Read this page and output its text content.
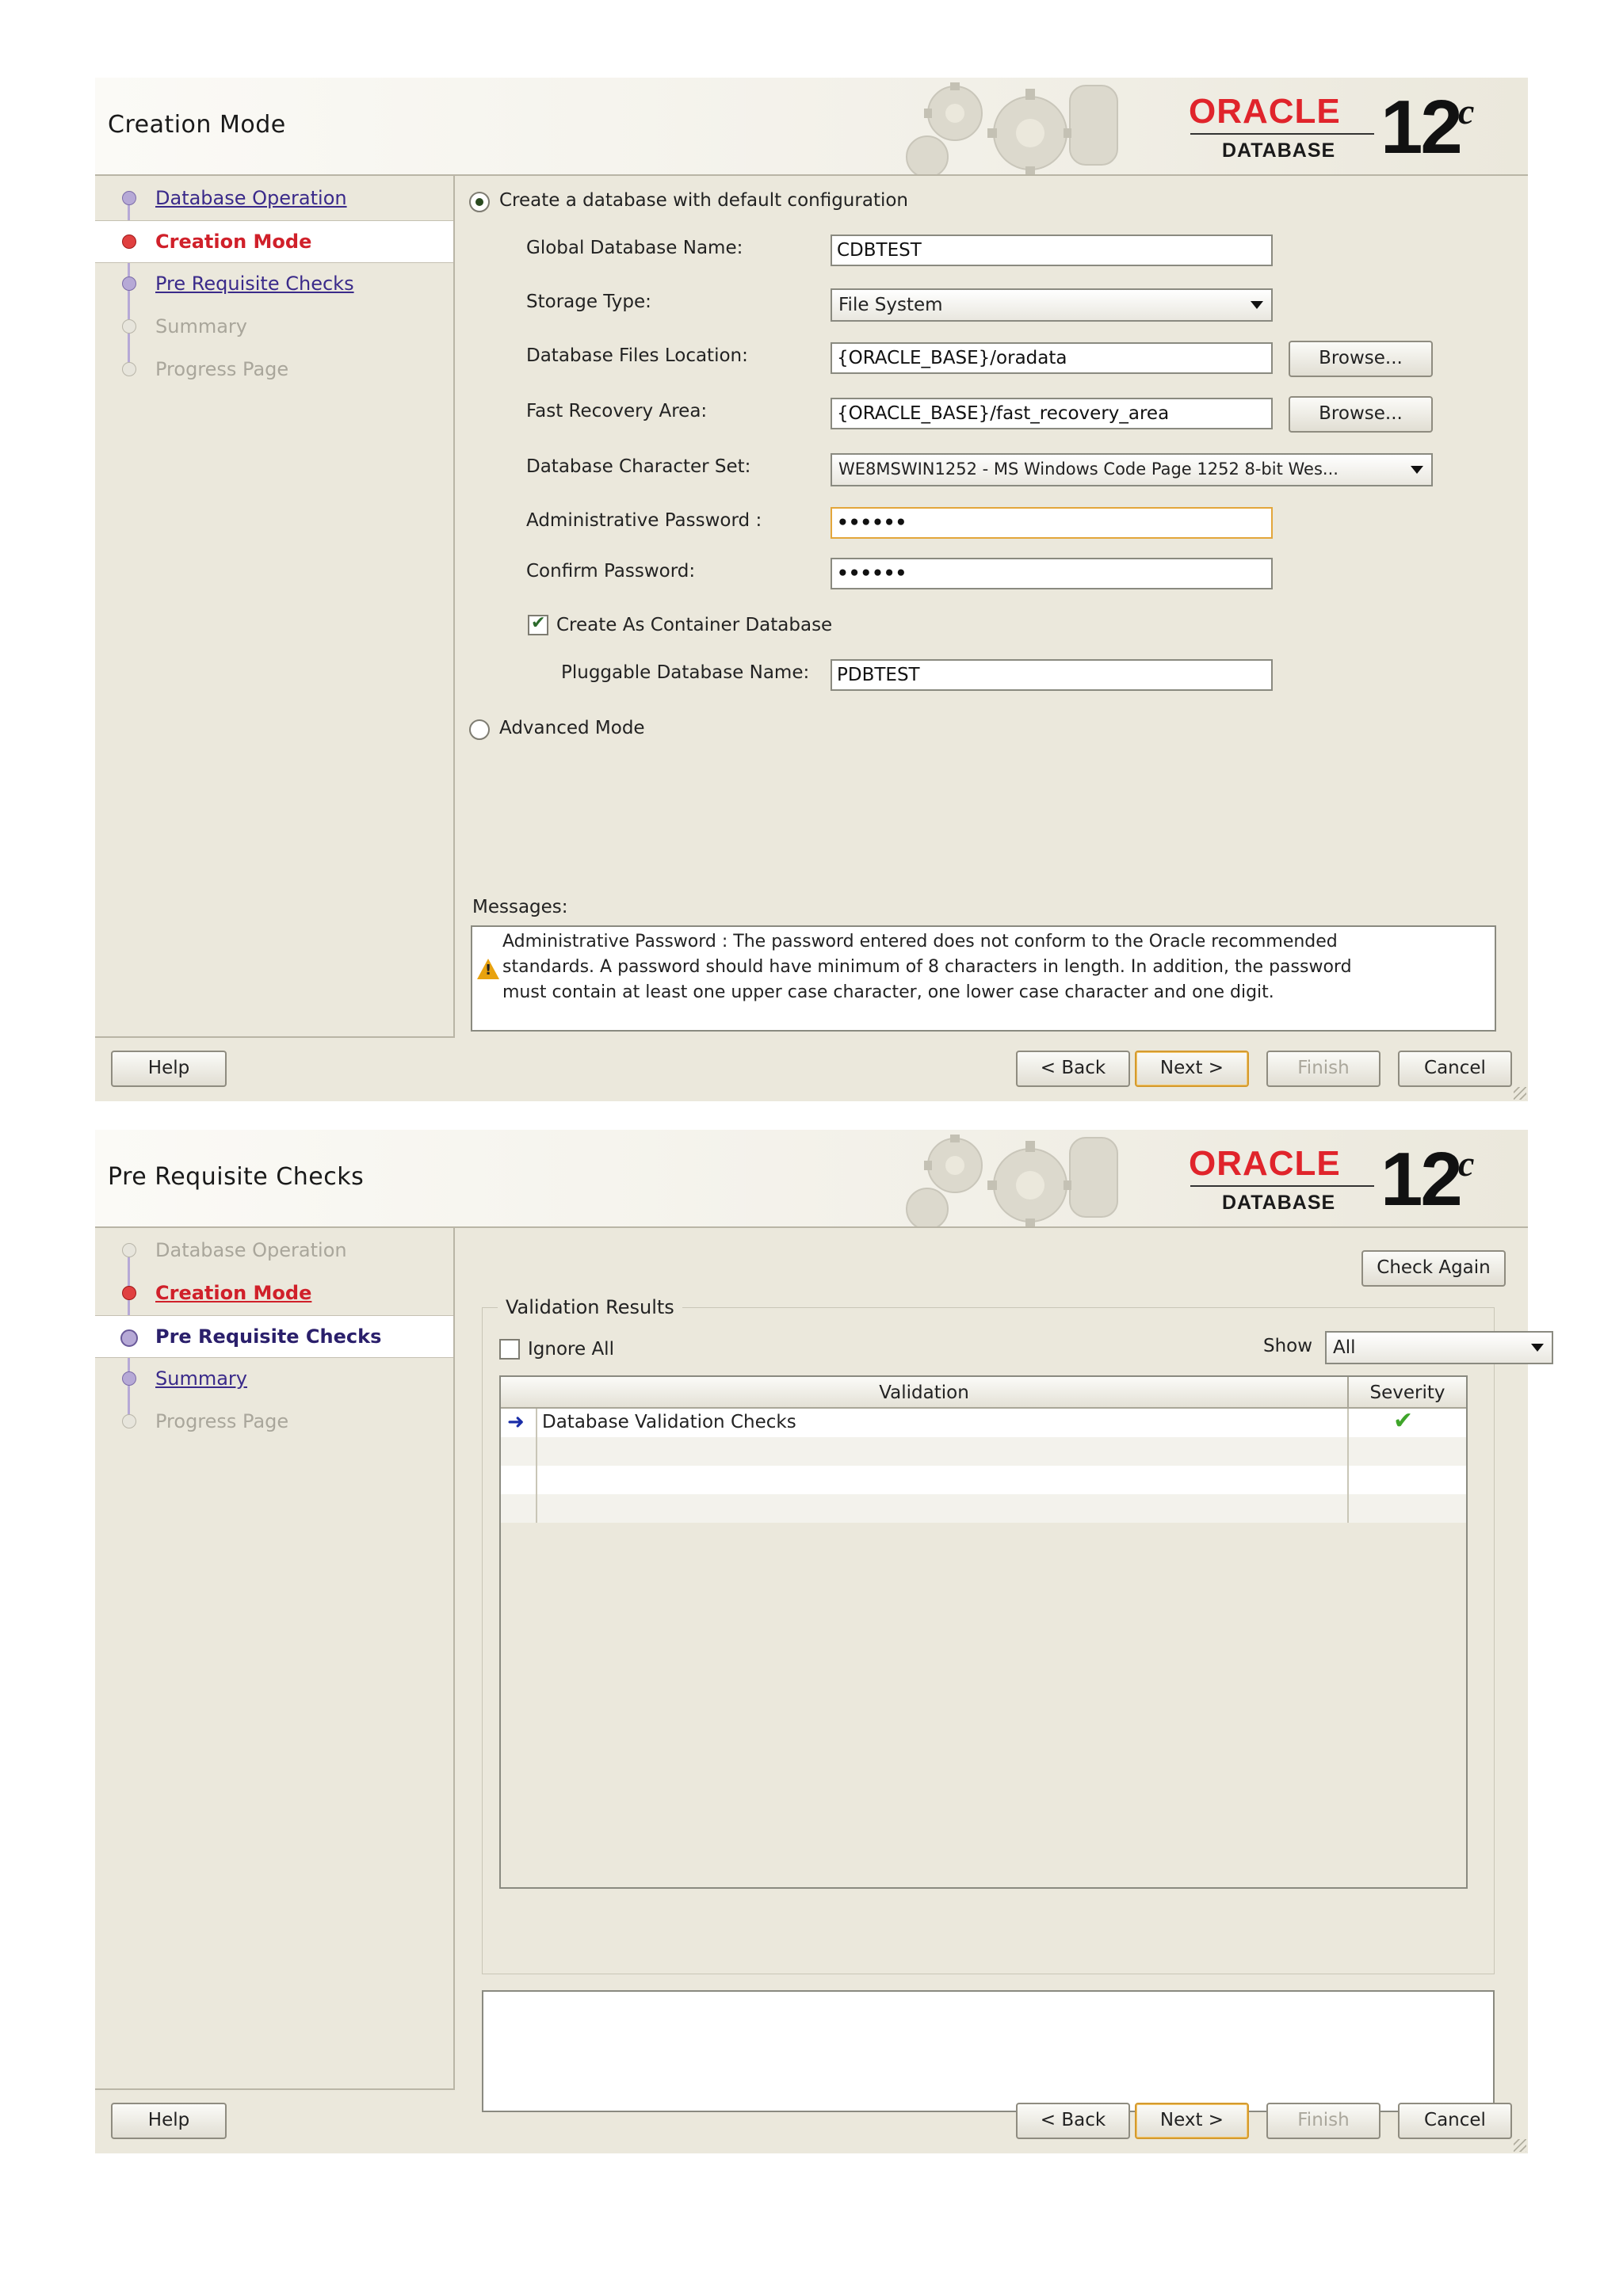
Creation Mode	ORACLE
DATABASE 12
c
Database Operation
Creation Mode
Pre Requisite Checks
Summary
Progress Page
Create a database with default configuration
Global Database Name:	CDBTEST
Storage Type:	File System
Database Files Location:	{ORACLE_BASE}/oradata	Browse...
Fast Recovery Area:	{ORACLE_BASE}/fast_recovery_area	Browse...
Database Character Set:	WE8MSWIN1252 - MS Windows Code Page 1252 8-bit Wes...
Administrative Password :	••••••
Confirm Password:	••••••
✔
Create As Container Database
Pluggable Database Name:	PDBTEST
Advanced Mode
Messages:
!
Administrative Password : The password entered does not conform to the Oracle recommended
standards. A password should have minimum of 8 characters in length. In addition, the password
must contain at least one upper case character, one lower case character and one digit.
Help	< Back	Next >	Finish	Cancel
Pre Requisite Checks	ORACLE
DATABASE 12
c
Database Operation
Creation Mode
Pre Requisite Checks
Summary
Progress Page
Check Again
Validation Results
Ignore All	Show	All
Validation	Severity
➜ Database Validation Checks	✔
Help	< Back	Next >	Finish	Cancel
